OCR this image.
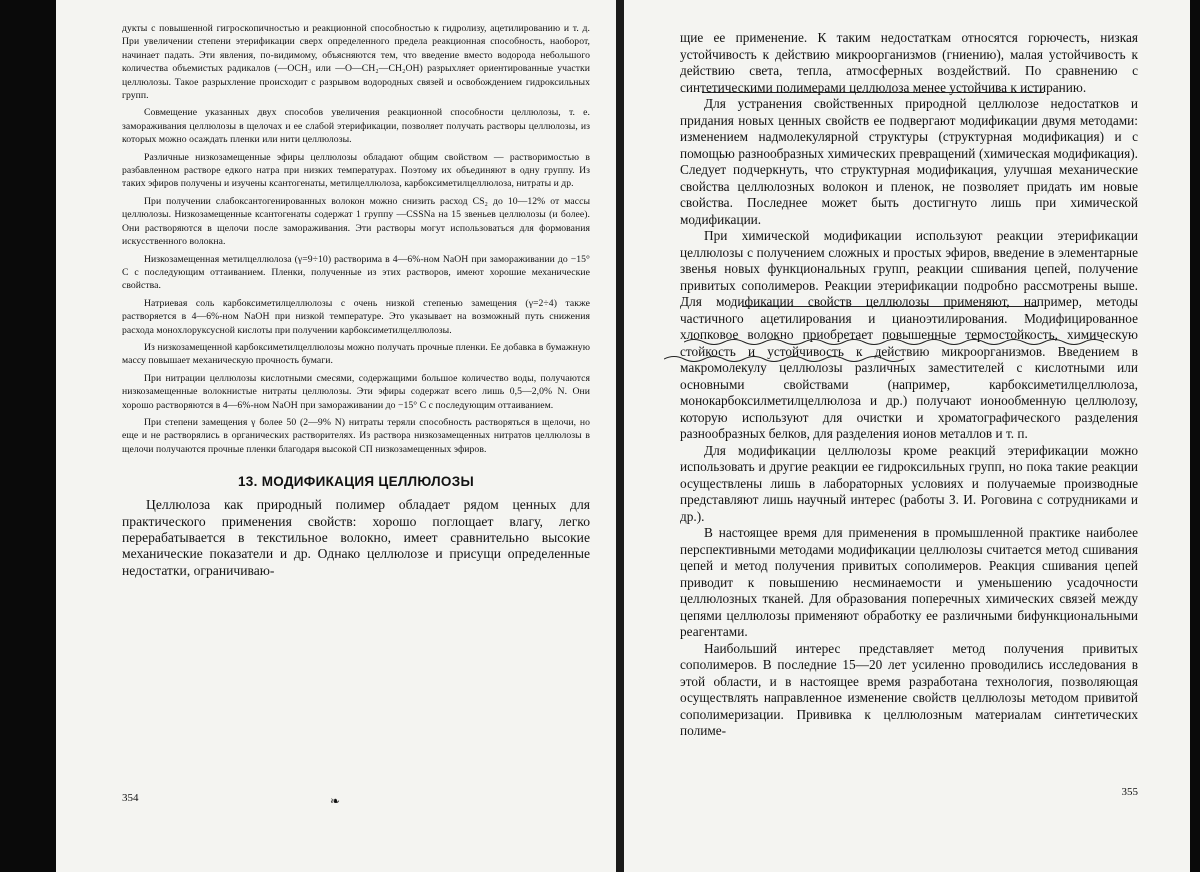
дукты с повышенной гигроскопичностью и реакционной способностью к гидролизу, ацетилированию и т. д. При увеличении степени этерификации сверх определенного предела реакционная способность, наоборот, начинает падать. Эти явления, по-видимому, объясняются тем, что введение вместо водорода небольшого количества объемистых радикалов (—OCH₃ или —O—CH₂—CH₂OH) разрыхляет ориентированные участки целлюлозы. Такое разрыхление происходит с разрывом водородных связей и освобождением гидроксильных групп.

Совмещение указанных двух способов увеличения реакционной способности целлюлозы, т. е. замораживания целлюлозы в щелочах и ее слабой этерификации, позволяет получать растворы целлюлозы, из которых можно осаждать пленки или нити целлюлозы.

Различные низкозамещенные эфиры целлюлозы обладают общим свойством — растворимостью в разбавленном растворе едкого натра при низких температурах. Поэтому их объединяют в одну группу. Из таких эфиров получены и изучены ксантогенаты, метилцеллюлоза, карбоксиметилцеллюлоза, нитраты и др.

При получении слабоксантогенированных волокон можно снизить расход CS₂ до 10—12% от массы целлюлозы. Низкозамещенные ксантогенаты содержат 1 группу —CSSNa на 15 звеньев целлюлозы (и более). Они растворяются в щелочи после замораживания. Эти растворы могут использоваться для формования искусственного волокна.

Низкозамещенная метилцеллюлоза (γ=9÷10) растворима в 4—6%-ном NaOH при замораживании до −15° C с последующим оттаиванием. Пленки, полученные из этих растворов, имеют хорошие механические свойства.

Натриевая соль карбоксиметилцеллюлозы с очень низкой степенью замещения (γ=2÷4) также растворяется в 4—6%-ном NaOH при низкой температуре. Это указывает на возможный путь снижения расхода монохлоруксусной кислоты при получении карбоксиметилцеллюлозы.

Из низкозамещенной карбоксиметилцеллюлозы можно получать прочные пленки. Ее добавка в бумажную массу повышает механическую прочность бумаги.

При нитрации целлюлозы кислотными смесями, содержащими большое количество воды, получаются низкозамещенные волокнистые нитраты целлюлозы. Эти эфиры содержат всего лишь 0,5—2,0% N. Они хорошо растворяются в 4—6%-ном NaOH при замораживании до −15° C с последующим оттаиванием.

При степени замещения γ более 50 (2—9% N) нитраты теряли способность растворяться в щелочи, но еще и не растворялись в органических растворителях. Из раствора низкозамещенных нитратов целлюлозы в щелочи получаются прочные пленки благодаря высокой СП низкозамещенных эфиров.

13. МОДИФИКАЦИЯ ЦЕЛЛЮЛОЗЫ

Целлюлоза как природный полимер обладает рядом ценных для практического применения свойств: хорошо поглощает влагу, легко перерабатывается в текстильное волокно, имеет сравнительно высокие механические показатели и др. Однако целлюлозе и присущи определенные недостатки, ограничиваю-

354	❧

щие ее применение. К таким недостаткам относятся горючесть, низкая устойчивость к действию микроорганизмов (гниению), малая устойчивость к действию света, тепла, атмосферных воздействий. По сравнению с синтетическими полимерами целлюлоза менее устойчива к истиранию.

Для устранения свойственных природной целлюлозе недостатков и придания новых ценных свойств ее подвергают модификации двумя методами: изменением надмолекулярной структуры (структурная модификация) и с помощью разнообразных химических превращений (химическая модификация). Следует подчеркнуть, что структурная модификация, улучшая механические свойства целлюлозных волокон и пленок, не позволяет придать им новые свойства. Последнее может быть достигнуто лишь при химической модификации.

При химической модификации используют реакции этерификации целлюлозы с получением сложных и простых эфиров, введение в элементарные звенья новых функциональных групп, реакции сшивания цепей, получение привитых сополимеров. Реакции этерификации подробно рассмотрены выше. Для модификации свойств целлюлозы применяют, например, методы частичного ацетилирования и цианоэтилирования. Модифицированное хлопковое волокно приобретает повышенные термостойкость, химическую стойкость и устойчивость к действию микроорганизмов. Введением в макромолекулу целлюлозы различных заместителей с кислотными или основными свойствами (например, карбоксиметилцеллюлоза, монокарбоксилметилцеллюлоза и др.) получают ионообменную целлюлозу, которую используют для очистки и хроматографического разделения разнообразных белков, для разделения ионов металлов и т. п.

Для модификации целлюлозы кроме реакций этерификации можно использовать и другие реакции ее гидроксильных групп, но пока такие реакции осуществлены лишь в лабораторных условиях и получаемые производные представляют лишь научный интерес (работы З. И. Роговина с сотрудниками и др.).

В настоящее время для применения в промышленной практике наиболее перспективными методами модификации целлюлозы считается метод сшивания цепей и метод получения привитых сополимеров. Реакция сшивания цепей приводит к повышению несминаемости и уменьшению усадочности целлюлозных тканей. Для образования поперечных химических связей между цепями целлюлозы применяют обработку ее различными бифункциональными реагентами.

Наибольший интерес представляет метод получения привитых сополимеров. В последние 15—20 лет усиленно проводились исследования в этой области, и в настоящее время разработана технология, позволяющая осуществлять направленное изменение свойств целлюлозы методом привитой сополимеризации. Прививка к целлюлозным материалам синтетических полиме-

355
